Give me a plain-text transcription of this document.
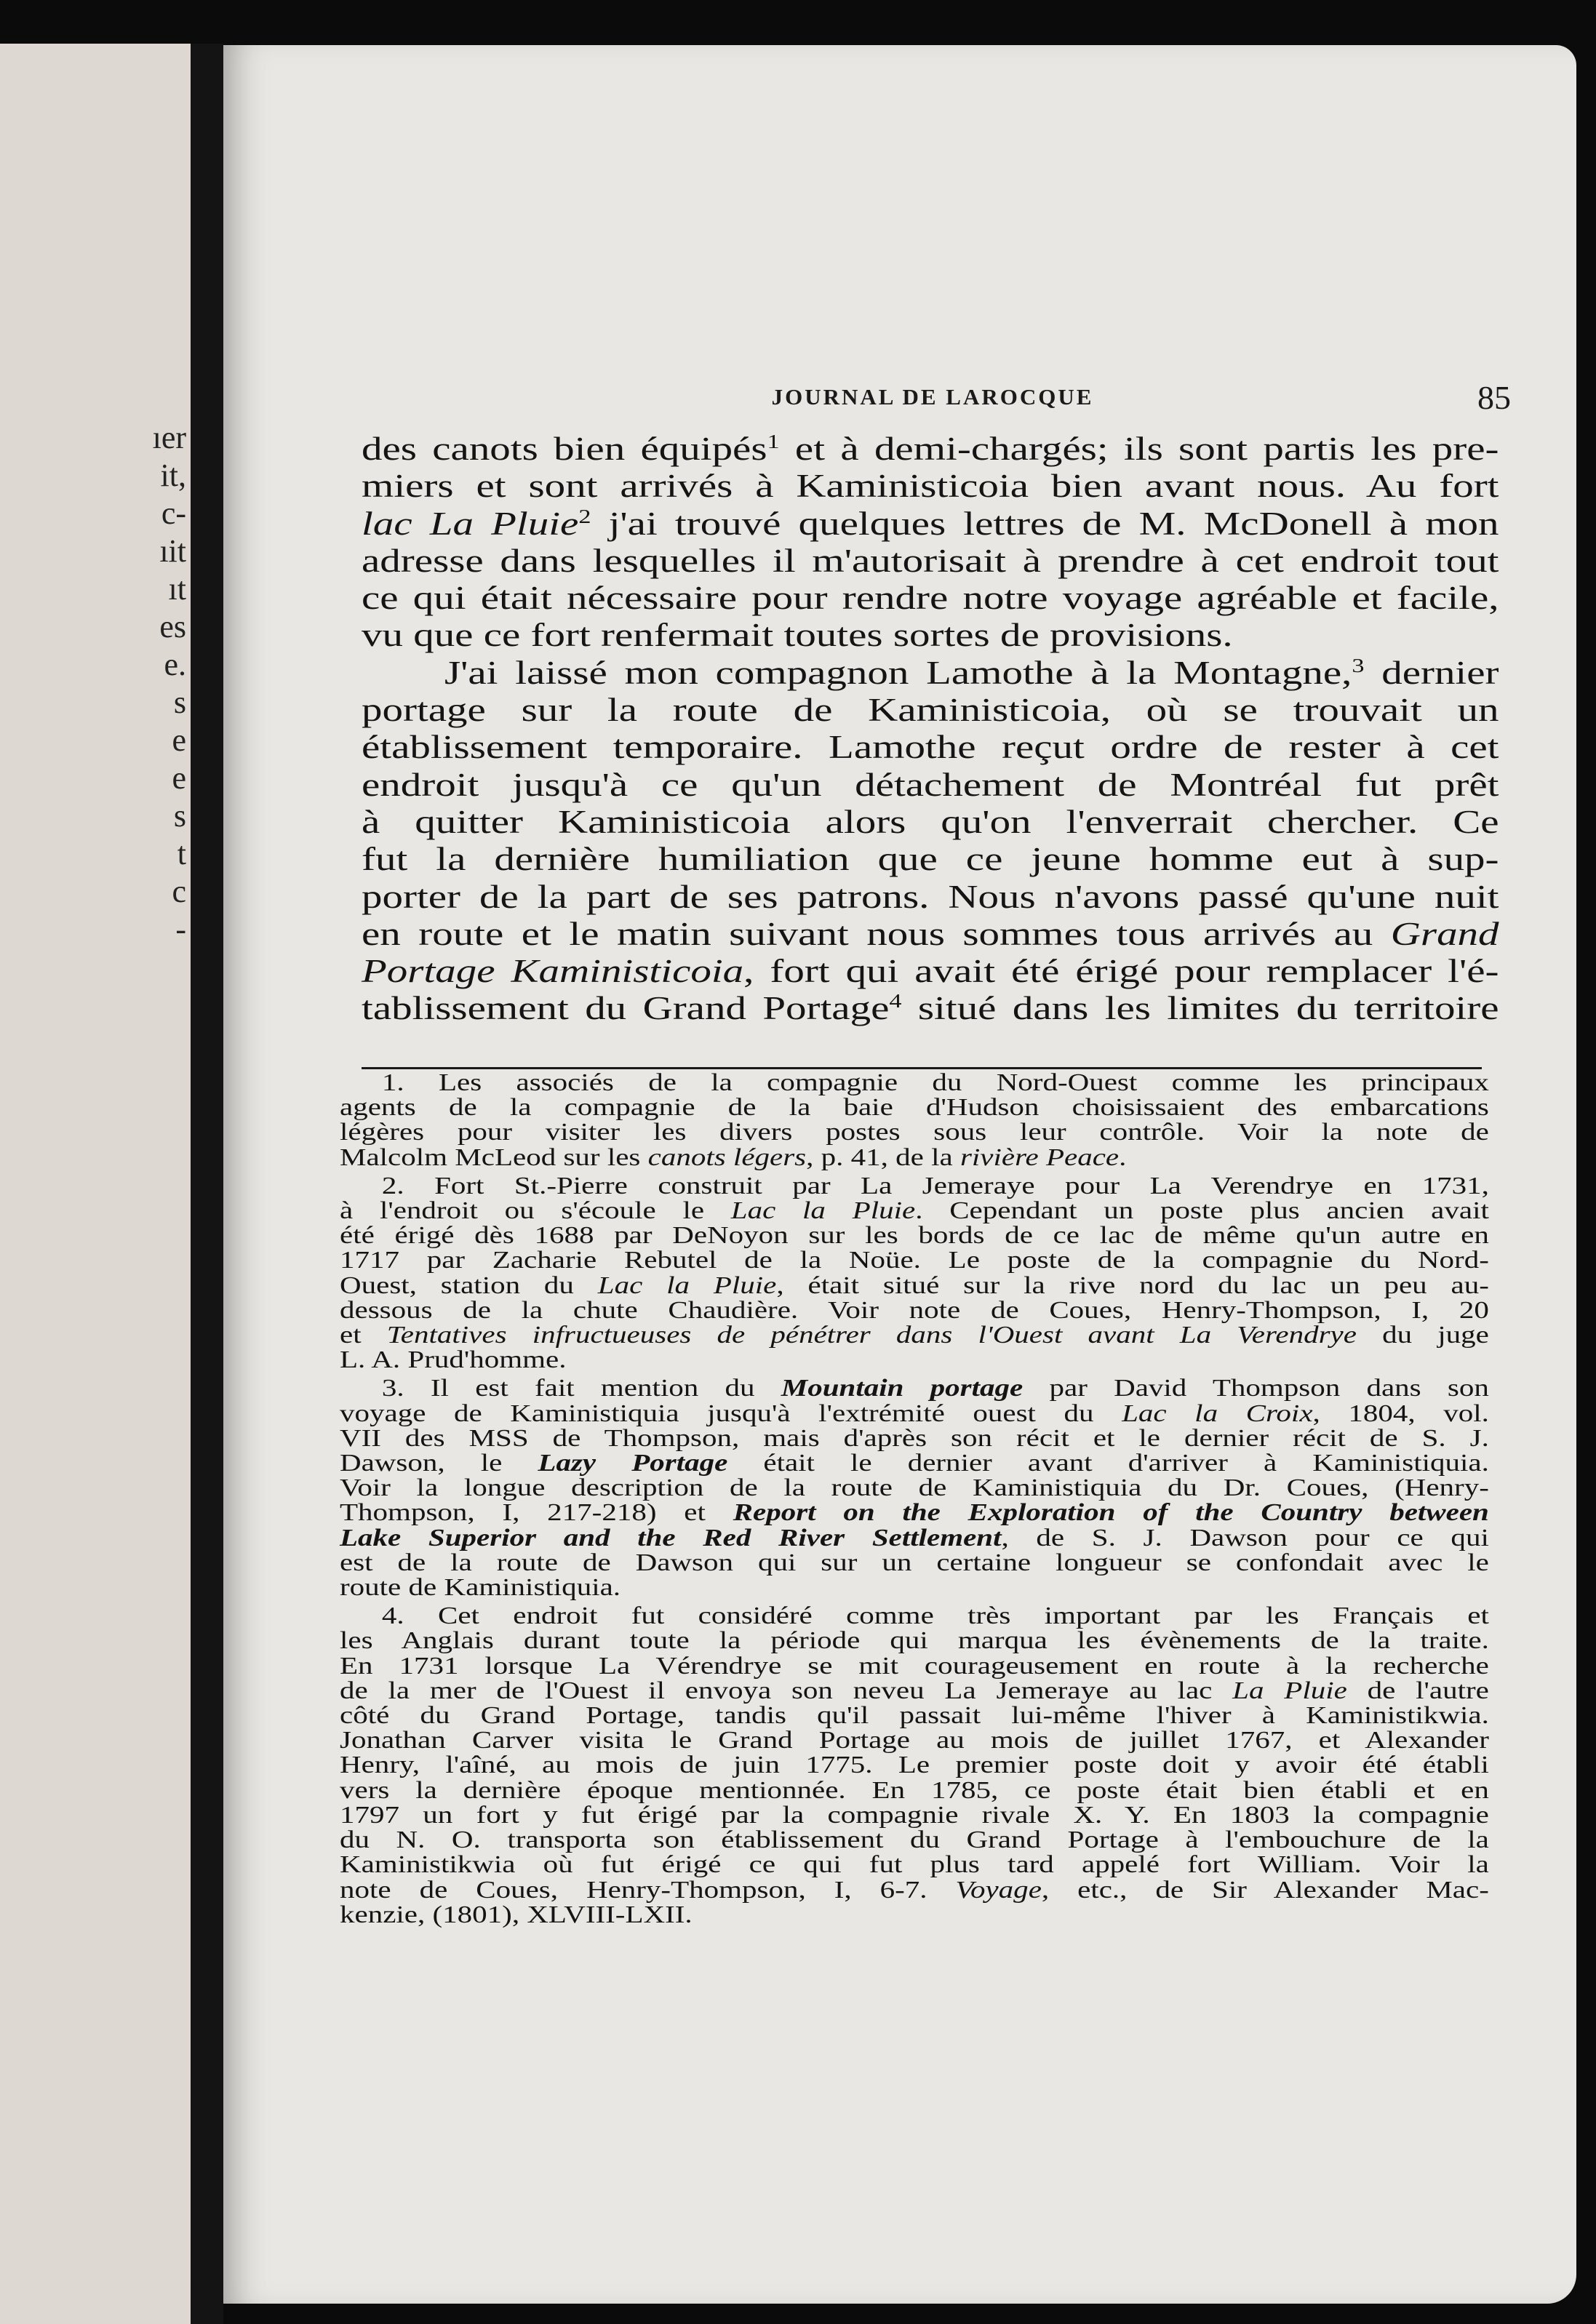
ıer
it,
c-
ıit
ıt
es
e.
s
e
e
s
t
c
-
JOURNAL DE LAROCQUE	85

des canots bien équipés$^1$ et à demi-chargés; ils sont partis les pre-
miers et sont arrivés à Kaministicoia bien avant nous. Au fort
lac La Pluie$^2$ j'ai trouvé quelques lettres de M. McDonell à mon
adresse dans lesquelles il m'autorisait à prendre à cet endroit tout
ce qui était nécessaire pour rendre notre voyage agréable et facile,
vu que ce fort renfermait toutes sortes de provisions.

J'ai laissé mon compagnon Lamothe à la Montagne,$^3$ dernier
portage sur la route de Kaministicoia, où se trouvait un
établissement temporaire. Lamothe reçut ordre de rester à cet
endroit jusqu'à ce qu'un détachement de Montréal fut prêt
à quitter Kaministicoia alors qu'on l'enverrait chercher. Ce
fut la dernière humiliation que ce jeune homme eut à sup-
porter de la part de ses patrons. Nous n'avons passé qu'une nuit
en route et le matin suivant nous sommes tous arrivés au Grand
Portage Kaministicoia, fort qui avait été érigé pour remplacer l'é-
tablissement du Grand Portage$^4$ situé dans les limites du territoire

1. Les associés de la compagnie du Nord-Ouest comme les principaux
agents de la compagnie de la baie d'Hudson choisissaient des embarcations
légères pour visiter les divers postes sous leur contrôle. Voir la note de
Malcolm McLeod sur les canots légers, p. 41, de la rivière Peace.
2. Fort St.-Pierre construit par La Jemeraye pour La Verendrye en 1731,
à l'endroit ou s'écoule le Lac la Pluie. Cependant un poste plus ancien avait
été érigé dès 1688 par DeNoyon sur les bords de ce lac de même qu'un autre en
1717 par Zacharie Rebutel de la Noüe. Le poste de la compagnie du Nord-
Ouest, station du Lac la Pluie, était situé sur la rive nord du lac un peu au-
dessous de la chute Chaudière. Voir note de Coues, Henry-Thompson, I, 20
et Tentatives infructueuses de pénétrer dans l'Ouest avant La Verendrye du juge
L. A. Prud'homme.
3. Il est fait mention du Mountain portage par David Thompson dans son
voyage de Kaministiquia jusqu'à l'extrémité ouest du Lac la Croix, 1804, vol.
VII des MSS de Thompson, mais d'après son récit et le dernier récit de S. J.
Dawson, le Lazy Portage était le dernier avant d'arriver à Kaministiquia.
Voir la longue description de la route de Kaministiquia du Dr. Coues, (Henry-
Thompson, I, 217-218) et Report on the Exploration of the Country between
Lake Superior and the Red River Settlement, de S. J. Dawson pour ce qui
est de la route de Dawson qui sur un certaine longueur se confondait avec le
route de Kaministiquia.
4. Cet endroit fut considéré comme très important par les Français et
les Anglais durant toute la période qui marqua les évènements de la traite.
En 1731 lorsque La Vérendrye se mit courageusement en route à la recherche
de la mer de l'Ouest il envoya son neveu La Jemeraye au lac La Pluie de l'autre
côté du Grand Portage, tandis qu'il passait lui-même l'hiver à Kaministikwia.
Jonathan Carver visita le Grand Portage au mois de juillet 1767, et Alexander
Henry, l'aîné, au mois de juin 1775. Le premier poste doit y avoir été établi
vers la dernière époque mentionnée. En 1785, ce poste était bien établi et en
1797 un fort y fut érigé par la compagnie rivale X. Y. En 1803 la compagnie
du N. O. transporta son établissement du Grand Portage à l'embouchure de la
Kaministikwia où fut érigé ce qui fut plus tard appelé fort William. Voir la
note de Coues, Henry-Thompson, I, 6-7. Voyage, etc., de Sir Alexander Mac-
kenzie, (1801), XLVIII-LXII.
